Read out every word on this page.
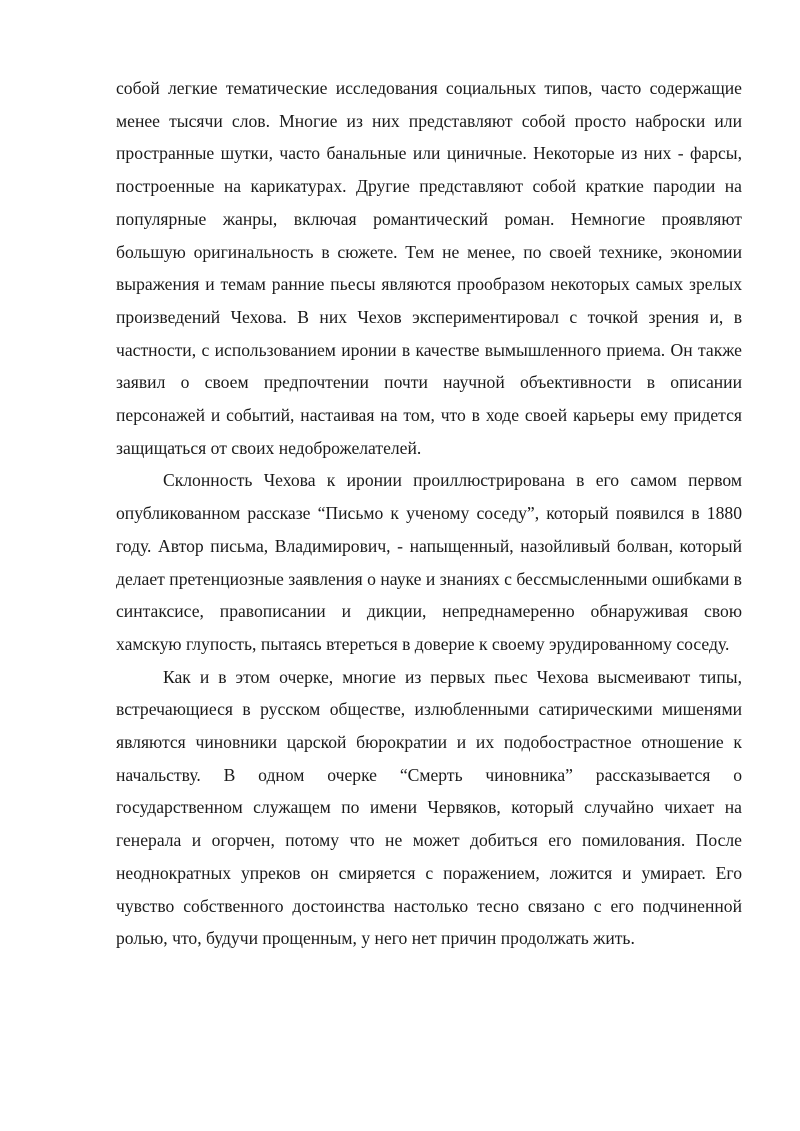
собой легкие тематические исследования социальных типов, часто содержащие менее тысячи слов. Многие из них представляют собой просто наброски или пространные шутки, часто банальные или циничные. Некоторые из них - фарсы, построенные на карикатурах. Другие представляют собой краткие пародии на популярные жанры, включая романтический роман. Немногие проявляют большую оригинальность в сюжете. Тем не менее, по своей технике, экономии выражения и темам ранние пьесы являются прообразом некоторых самых зрелых произведений Чехова. В них Чехов экспериментировал с точкой зрения и, в частности, с использованием иронии в качестве вымышленного приема. Он также заявил о своем предпочтении почти научной объективности в описании персонажей и событий, настаивая на том, что в ходе своей карьеры ему придется защищаться от своих недоброжелателей.

Склонность Чехова к иронии проиллюстрирована в его самом первом опубликованном рассказе “Письмо к ученому соседу”, который появился в 1880 году. Автор письма, Владимирович, - напыщенный, назойливый болван, который делает претенциозные заявления о науке и знаниях с бессмысленными ошибками в синтаксисе, правописании и дикции, непреднамеренно обнаруживая свою хамскую глупость, пытаясь втереться в доверие к своему эрудированному соседу.

Как и в этом очерке, многие из первых пьес Чехова высмеивают типы, встречающиеся в русском обществе, излюбленными сатирическими мишенями являются чиновники царской бюрократии и их подобострастное отношение к начальству. В одном очерке “Смерть чиновника” рассказывается о государственном служащем по имени Червяков, который случайно чихает на генерала и огорчен, потому что не может добиться его помилования. После неоднократных упреков он смиряется с поражением, ложится и умирает. Его чувство собственного достоинства настолько тесно связано с его подчиненной ролью, что, будучи прощенным, у него нет причин продолжать жить.
